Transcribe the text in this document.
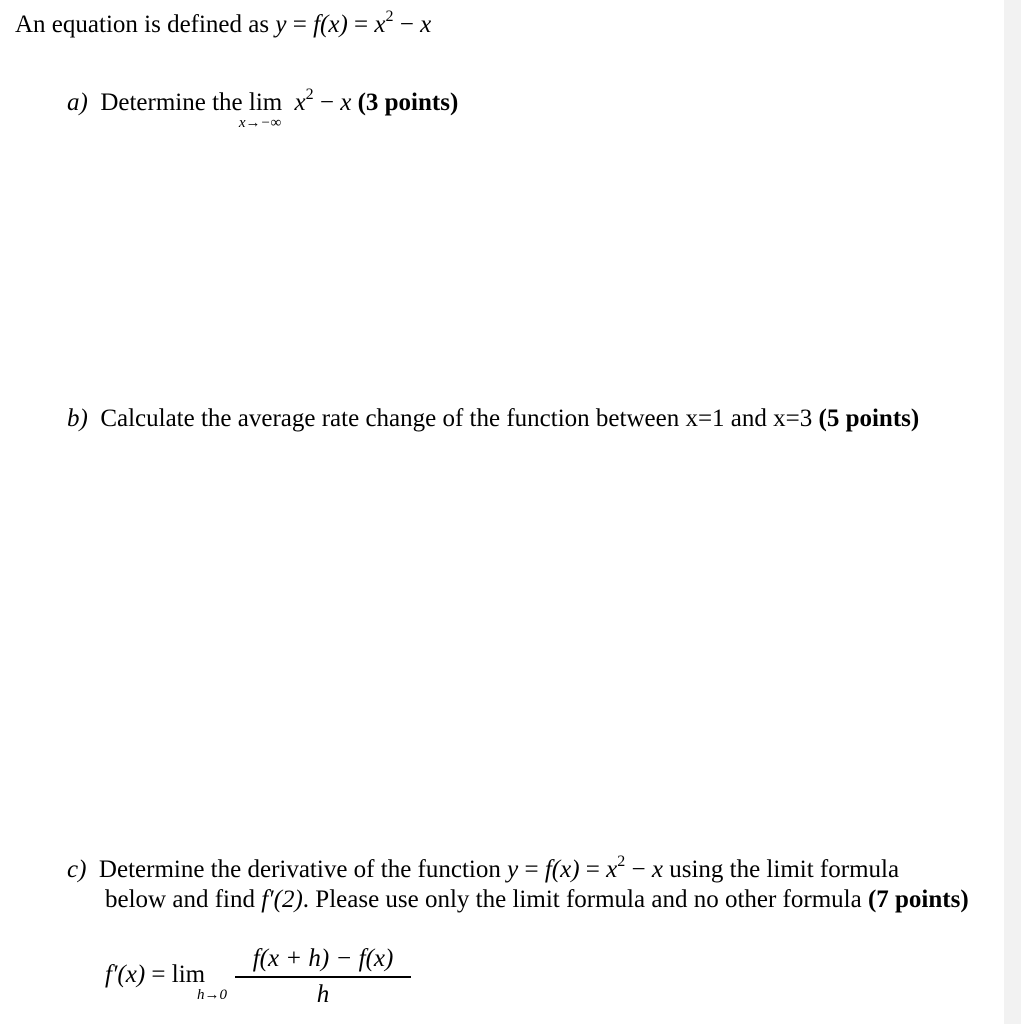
An equation is defined as $y = f(x) = x^2 - x$
a) Determine the lim
x→−∞
$x^2 - x$ (3 points)
b) Calculate the average rate change of the function between x=1 and x=3 (5 points)
c) Determine the derivative of the function $y = f(x) = x^2 - x$ using the limit formula
below and find f′(2). Please use only the limit formula and no other formula (7 points)
f′(x) = lim
h→0
f(x + h) − f(x)
h
